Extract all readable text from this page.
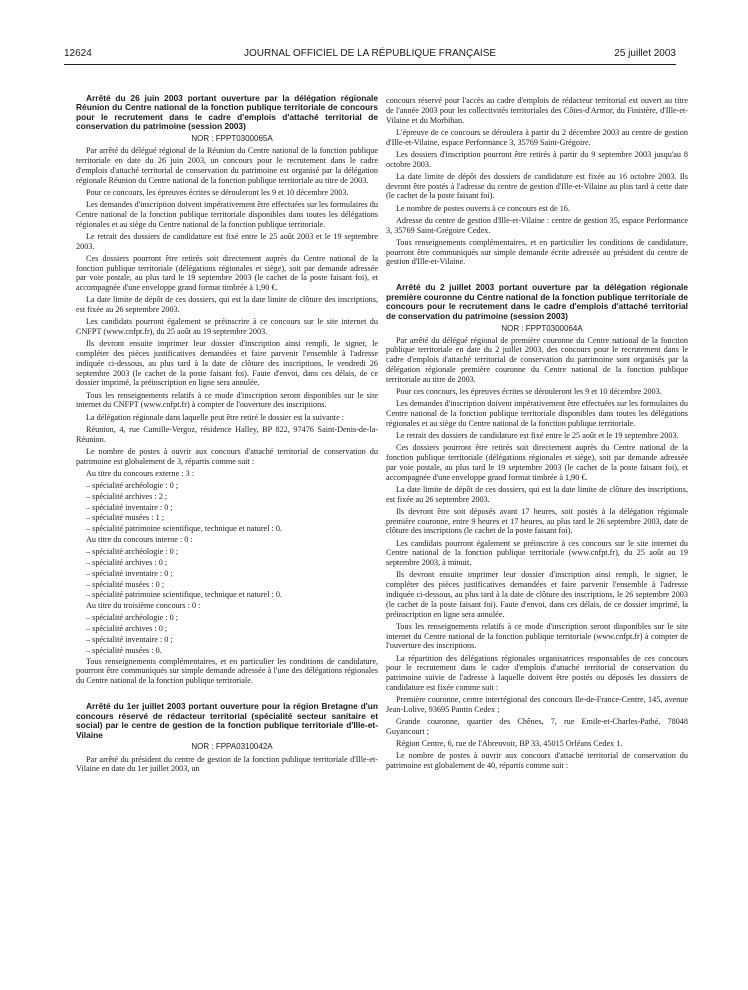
12624	JOURNAL OFFICIEL DE LA RÉPUBLIQUE FRANÇAISE	25 juillet 2003

Arrêté du 26 juin 2003 portant ouverture par la délégation régionale Réunion du Centre national de la fonction publique territoriale de concours pour le recrutement dans le cadre d'emplois d'attaché territorial de conservation du patrimoine (session 2003)

NOR : FPPT0300065A

Par arrêté du délégué régional de la Réunion du Centre national de la fonction publique territoriale en date du 26 juin 2003, un concours pour le recrutement dans le cadre d'emplois d'attaché territorial de conservation du patrimoine est organisé par la délégation régionale Réunion du Centre national de la fonction publique territoriale au titre de 2003.

Pour ce concours, les épreuves écrites se dérouleront les 9 et 10 décembre 2003.

Les demandes d'inscription doivent impérativement être effectuées sur les formulaires du Centre national de la fonction publique territoriale disponibles dans toutes les délégations régionales et au siège du Centre national de la fonction publique territoriale.

Le retrait des dossiers de candidature est fixé entre le 25 août 2003 et le 19 septembre 2003.

Ces dossiers pourront être retirés soit directement auprès du Centre national de la fonction publique territoriale (délégations régionales et siège), soit par demande adressée par voie postale, au plus tard le 19 septembre 2003 (le cachet de la poste faisant foi), et accompagnée d'une enveloppe grand format timbrée à 1,90 €.

La date limite de dépôt de ces dossiers, qui est la date limite de clôture des inscriptions, est fixée au 26 septembre 2003.

Les candidats pourront également se préinscrire à ce concours sur le site internet du CNFPT (www.cnfpt.fr), du 25 août au 19 septembre 2003.

Ils devront ensuite imprimer leur dossier d'inscription ainsi rempli, le signer, le compléter des pièces justificatives demandées et faire parvenir l'ensemble à l'adresse indiquée ci-dessous, au plus tard à la date de clôture des inscriptions, le vendredi 26 septembre 2003 (le cachet de la poste faisant foi). Faute d'envoi, dans ces délais, de ce dossier imprimé, la préinscription en ligne sera annulée.

Tous les renseignements relatifs à ce mode d'inscription seront disponibles sur le site internet du CNFPT (www.cnfpt.fr) à compter de l'ouverture des inscriptions.

La délégation régionale dans laquelle peut être retiré le dossier est la suivante :

Réunion, 4, rue Camille-Vergoz, résidence Halley, BP 822, 97476 Saint-Denis-de-la-Réunion.

Le nombre de postes à ouvrir aux concours d'attaché territorial de conservation du patrimoine est globalement de 3, répartis comme suit :

Au titre du concours externe : 3 :

– spécialité archéologie : 0 ;

– spécialité archives : 2 ;

– spécialité inventaire : 0 ;

– spécialité musées : 1 ;

– spécialité patrimoine scientifique, technique et naturel : 0.

Au titre du concours interne : 0 :

– spécialité archéologie : 0 ;

– spécialité archives : 0 ;

– spécialité inventaire : 0 ;

– spécialité musées : 0 ;

– spécialité patrimoine scientifique, technique et naturel : 0.

Au titre du troisième concours : 0 :

– spécialité archéologie : 0 ;

– spécialité archives : 0 ;

– spécialité inventaire : 0 ;

– spécialité musées : 0.

Tous renseignements complémentaires, et en particulier les conditions de candidature, pourront être communiqués sur simple demande adressée à l'une des délégations régionales du Centre national de la fonction publique territoriale.

Arrêté du 1er juillet 2003 portant ouverture pour la région Bretagne d'un concours réservé de rédacteur territorial (spécialité secteur sanitaire et social) par le centre de gestion de la fonction publique territoriale d'Ille-et-Vilaine

NOR : FPPA0310042A

Par arrêté du président du centre de gestion de la fonction publique territoriale d'Ille-et-Vilaine en date du 1er juillet 2003, un

concours réservé pour l'accès au cadre d'emplois de rédacteur territorial est ouvert au titre de l'année 2003 pour les collectivités territoriales des Côtes-d'Armor, du Finistère, d'Ille-et-Vilaine et du Morbihan.

L'épreuve de ce concours se déroulera à partir du 2 décembre 2003 au centre de gestion d'Ille-et-Vilaine, espace Performance 3, 35769 Saint-Grégoire.

Les dossiers d'inscription pourront être retirés à partir du 9 septembre 2003 jusqu'au 8 octobre 2003.

La date limite de dépôt des dossiers de candidature est fixée au 16 octobre 2003. Ils devront être postés à l'adresse du centre de gestion d'Ille-et-Vilaine au plus tard à cette date (le cachet de la poste faisant foi).

Le nombre de postes ouverts à ce concours est de 16.

Adresse du centre de gestion d'Ille-et-Vilaine : centre de gestion 35, espace Performance 3, 35769 Saint-Grégoire Cedex.

Tous renseignements complémentaires, et en particulier les conditions de candidature, pourront être communiqués sur simple demande écrite adressée au président du centre de gestion d'Ille-et-Vilaine.

Arrêté du 2 juillet 2003 portant ouverture par la délégation régionale première couronne du Centre national de la fonction publique territoriale de concours pour le recrutement dans le cadre d'emplois d'attaché territorial de conservation du patrimoine (session 2003)

NOR : FPPT0300064A

Par arrêté du délégué régional de première couronne du Centre national de la fonction publique territoriale en date du 2 juillet 2003, des concours pour le recrutement dans le cadre d'emplois d'attaché territorial de conservation du patrimoine sont organisés par la délégation régionale première couronne du Centre national de la fonction publique territoriale au titre de 2003.

Pour ces concours, les épreuves écrites se dérouleront les 9 et 10 décembre 2003.

Les demandes d'inscription doivent impérativement être effectuées sur les formulaires du Centre national de la fonction publique territoriale disponibles dans toutes les délégations régionales et au siège du Centre national de la fonction publique territoriale.

Le retrait des dossiers de candidature est fixé entre le 25 août et le 19 septembre 2003.

Ces dossiers pourront être retirés soit directement auprès du Centre national de la fonction publique territoriale (délégations régionales et siège), soit par demande adressée par voie postale, au plus tard le 19 septembre 2003 (le cachet de la poste faisant foi), et accompagnée d'une enveloppe grand format timbrée à 1,90 €.

La date limite de dépôt de ces dossiers, qui est la date limite de clôture des inscriptions, est fixée au 26 septembre 2003.

Ils devront être soit déposés avant 17 heures, soit postés à la délégation régionale première couronne, entre 9 heures et 17 heures, au plus tard le 26 septembre 2003, date de clôture des inscriptions (le cachet de la poste faisant foi).

Les candidats pourront également se préinscrire à ces concours sur le site internet du Centre national de la fonction publique territoriale (www.cnfpt.fr), du 25 août au 19 septembre 2003, à minuit.

Ils devront ensuite imprimer leur dossier d'inscription ainsi rempli, le signer, le compléter des pièces justificatives demandées et faire parvenir l'ensemble à l'adresse indiquée ci-dessous, au plus tard à la date de clôture des inscriptions, le 26 septembre 2003 (le cachet de la poste faisant foi). Faute d'envoi, dans ces délais, de ce dossier imprimé, la préinscription en ligne sera annulée.

Tous les renseignements relatifs à ce mode d'inscription seront disponibles sur le site internet du Centre national de la fonction publique territoriale (www.cnfpt.fr) à compter de l'ouverture des inscriptions.

La répartition des délégations régionales organisatrices responsables de ces concours pour le recrutement dans le cadre d'emplois d'attaché territorial de conservation du patrimoine suivie de l'adresse à laquelle doivent être postés ou déposés les dossiers de candidature est fixée comme suit :

Première couronne, centre interrégional des concours Ile-de-France-Centre, 145, avenue Jean-Lolive, 93695 Pantin Cedex ;

Grande couronne, quartier des Chênes, 7, rue Emile-et-Charles-Pathé, 78048 Guyancourt ;

Région Centre, 6, rue de l'Abreuvoir, BP 33, 45015 Orléans Cedex 1.

Le nombre de postes à ouvrir aux concours d'attaché territorial de conservation du patrimoine est globalement de 40, répartis comme suit :
